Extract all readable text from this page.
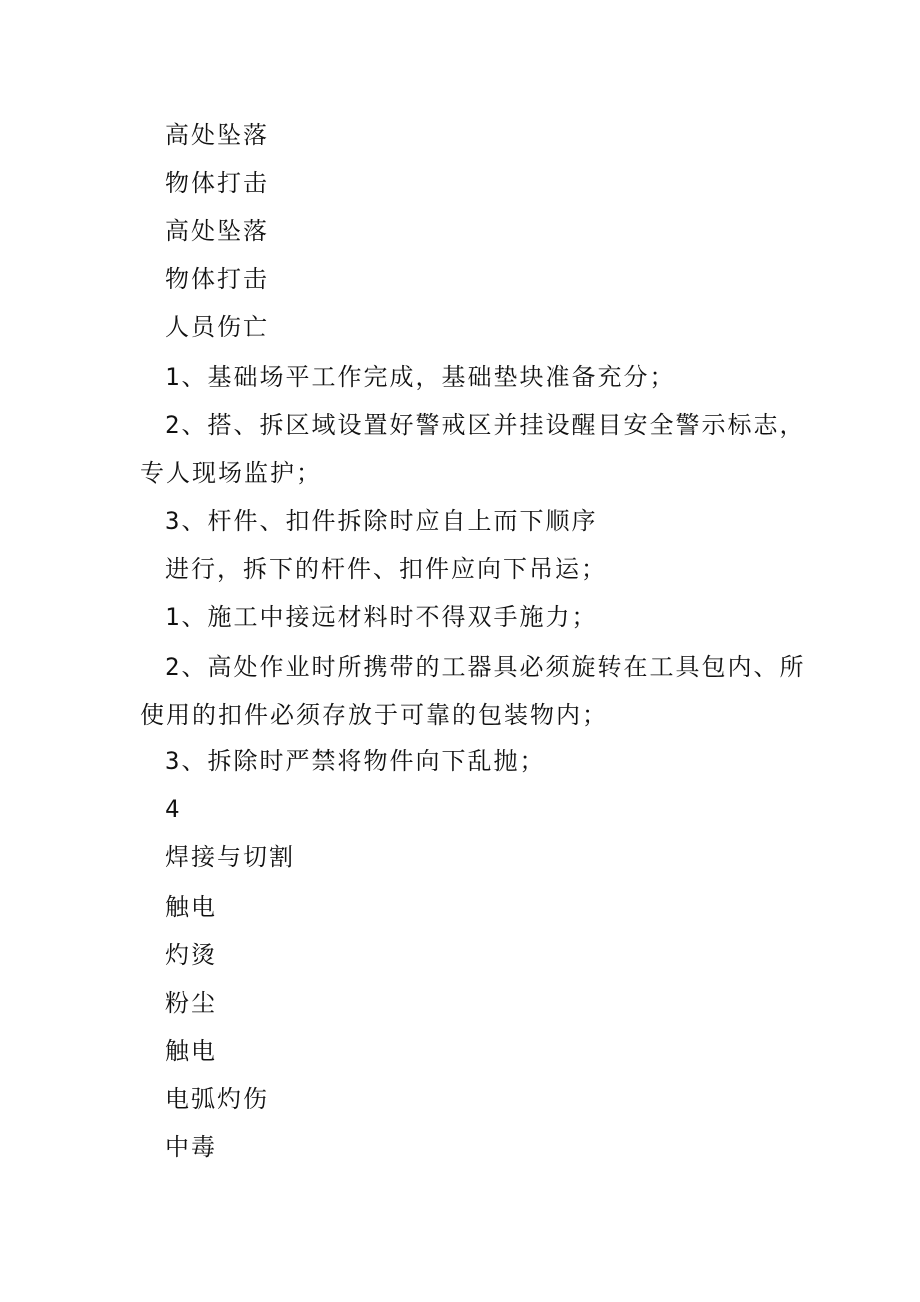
高处坠落
物体打击
高处坠落
物体打击
人员伤亡
1、基础场平工作完成，基础垫块准备充分；
2、搭、拆区域设置好警戒区并挂设醒目安全警示标志，
专人现场监护；
3、杆件、扣件拆除时应自上而下顺序
进行，拆下的杆件、扣件应向下吊运；
1、施工中接远材料时不得双手施力；
2、高处作业时所携带的工器具必须旋转在工具包内、所
使用的扣件必须存放于可靠的包装物内；
3、拆除时严禁将物件向下乱抛；
4
焊接与切割
触电
灼烫
粉尘
触电
电弧灼伤
中毒
